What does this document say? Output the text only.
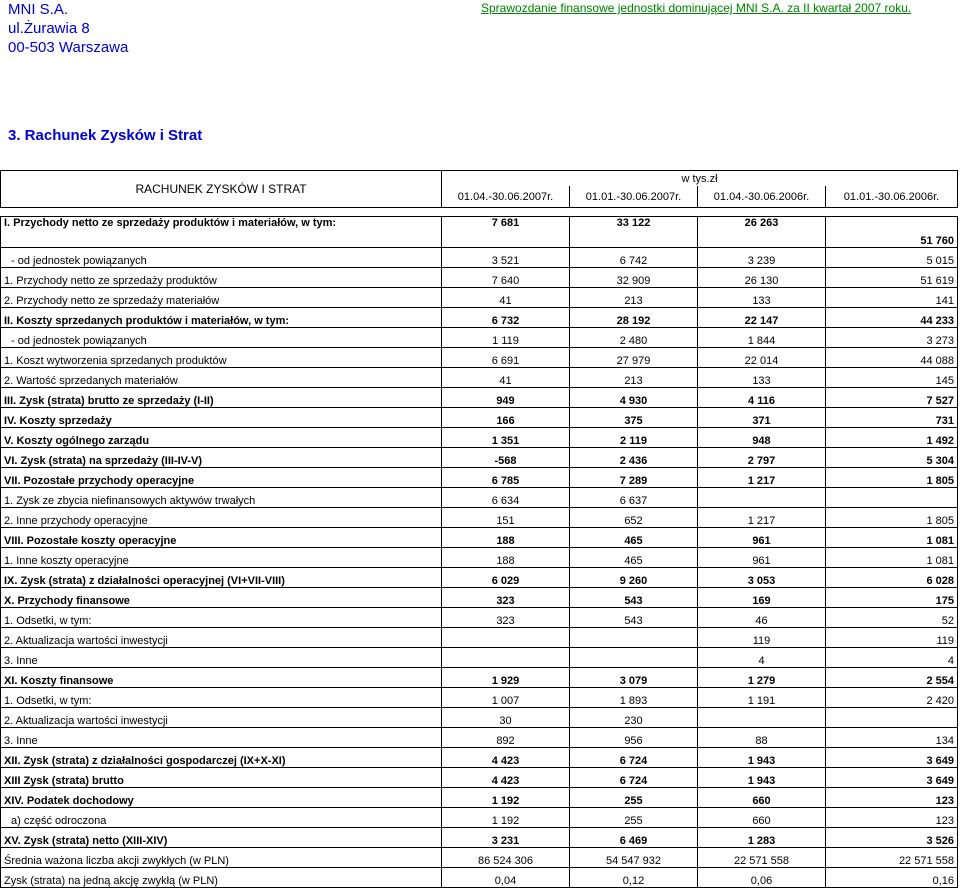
MNI S.A.
ul.Żurawia 8
00-503 Warszawa
Sprawozdanie finansowe jednostki dominującej MNI S.A. za II kwartał 2007 roku.
3. Rachunek Zysków i Strat
RACHUNEK ZYSKÓW I STRAT	w tys.zł			
	01.04.-30.06.2007r.	01.01.-30.06.2007r.	01.04.-30.06.2006r.	01.01.-30.06.2006r.

I. Przychody netto ze sprzedaży produktów i materiałów, w tym:	7 681	33 122	26 263	51 760
- od jednostek powiązanych	3 521	6 742	3 239	5 015
1. Przychody netto ze sprzedaży produktów	7 640	32 909	26 130	51 619
2. Przychody netto ze sprzedaży materiałów	41	213	133	141
II. Koszty sprzedanych produktów i materiałów, w tym:	6 732	28 192	22 147	44 233
- od jednostek powiązanych	1 119	2 480	1 844	3 273
1. Koszt wytworzenia sprzedanych produktów	6 691	27 979	22 014	44 088
2. Wartość sprzedanych materiałów	41	213	133	145
III. Zysk (strata) brutto ze sprzedaży (I-II)	949	4 930	4 116	7 527
IV. Koszty sprzedaży	166	375	371	731
V. Koszty ogólnego zarządu	1 351	2 119	948	1 492
VI. Zysk (strata) na sprzedaży (III-IV-V)	-568	2 436	2 797	5 304
VII. Pozostałe przychody operacyjne	6 785	7 289	1 217	1 805
1. Zysk ze zbycia niefinansowych aktywów trwałych	6 634	6 637		
2. Inne przychody operacyjne	151	652	1 217	1 805
VIII. Pozostałe koszty operacyjne	188	465	961	1 081
1. Inne koszty operacyjne	188	465	961	1 081
IX. Zysk (strata) z działalności operacyjnej (VI+VII-VIII)	6 029	9 260	3 053	6 028
X. Przychody finansowe	323	543	169	175
1. Odsetki, w tym:	323	543	46	52
2. Aktualizacja wartości inwestycji			119	119
3. Inne			4	4
XI. Koszty finansowe	1 929	3 079	1 279	2 554
1. Odsetki, w tym:	1 007	1 893	1 191	2 420
2. Aktualizacja wartości inwestycji	30	230		
3. Inne	892	956	88	134
XII. Zysk (strata) z działalności gospodarczej (IX+X-XI)	4 423	6 724	1 943	3 649
XIII Zysk (strata) brutto	4 423	6 724	1 943	3 649
XIV. Podatek dochodowy	1 192	255	660	123
a) część odroczona	1 192	255	660	123
XV. Zysk (strata) netto (XIII-XIV)	3 231	6 469	1 283	3 526
Średnia ważona liczba akcji zwykłych (w PLN)	86 524 306	54 547 932	22 571 558	22 571 558
Zysk (strata) na jedną akcję zwykłą (w PLN)	0,04	0,12	0,06	0,16
